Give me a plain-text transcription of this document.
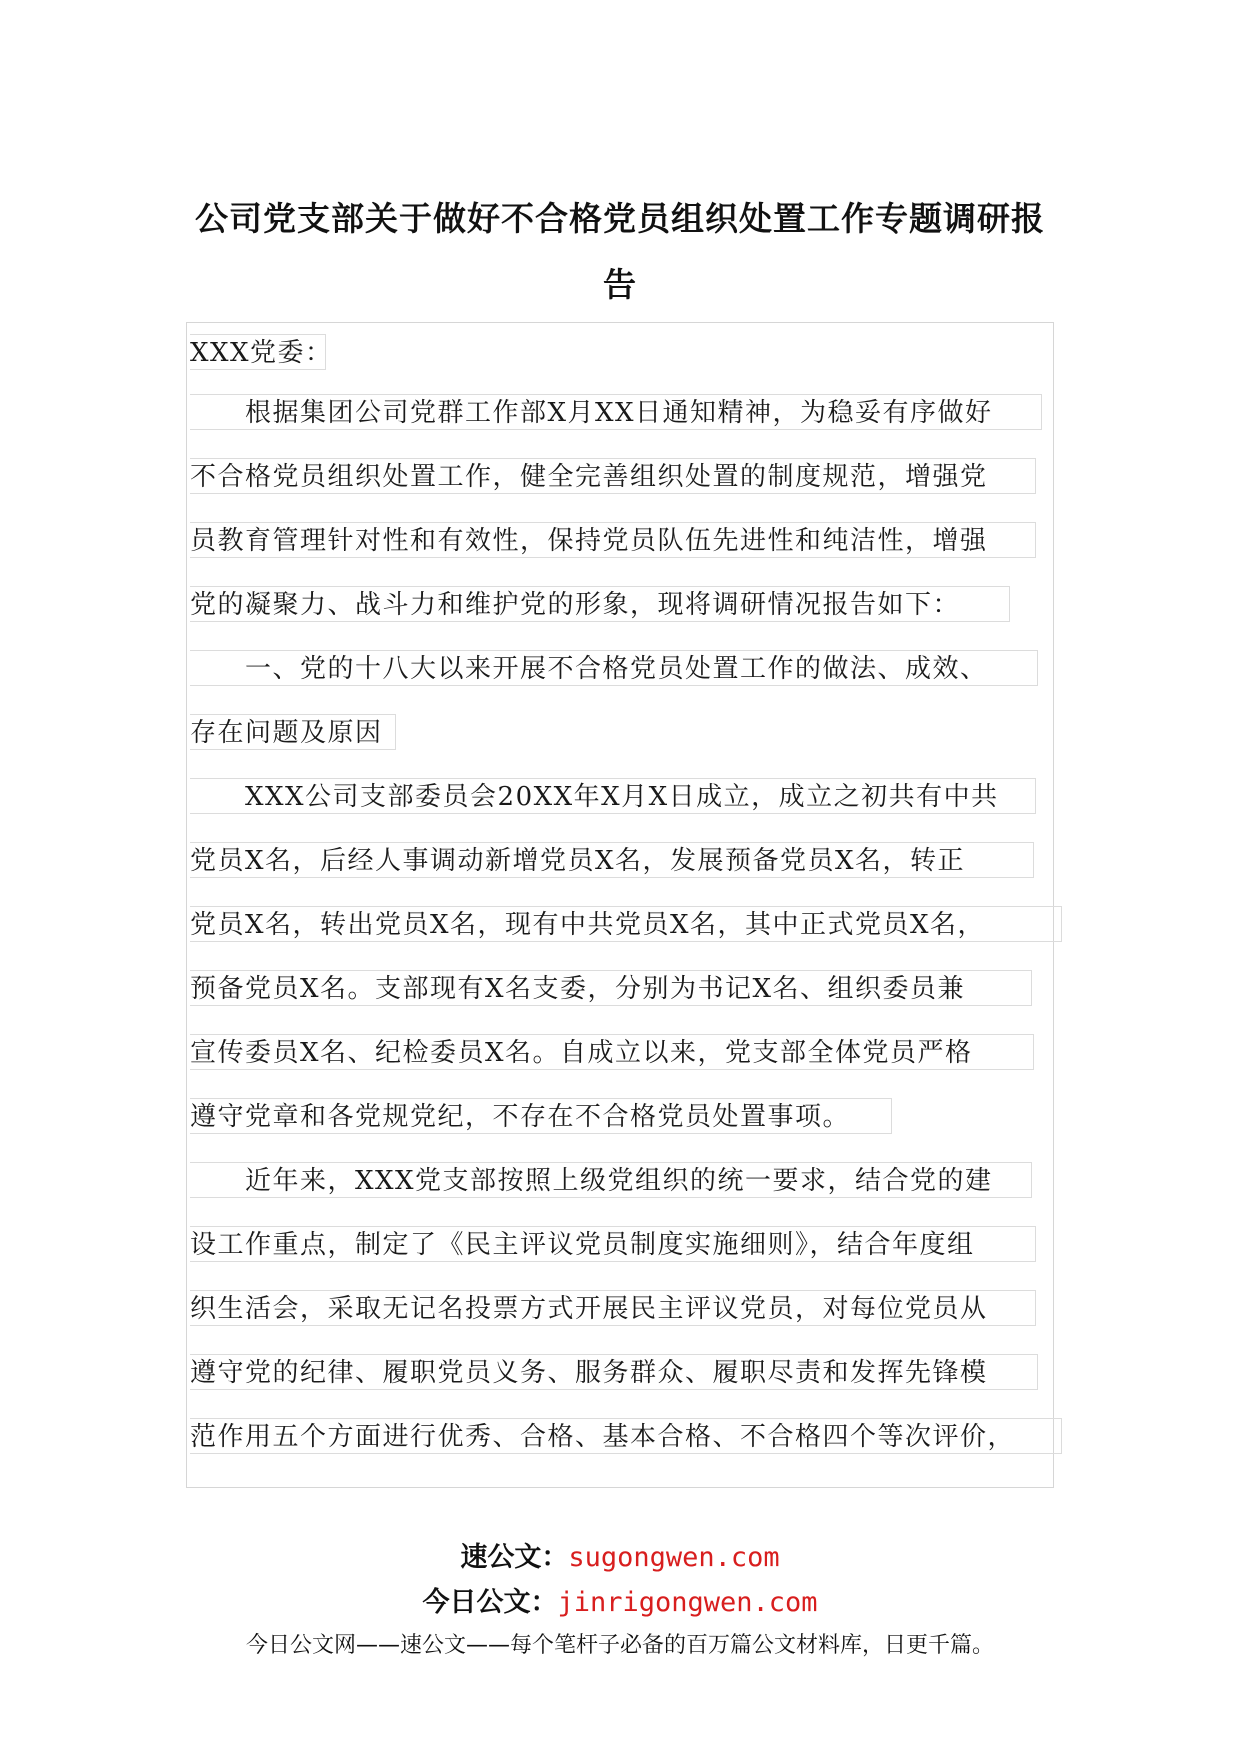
公司党支部关于做好不合格党员组织处置工作专题调研报
告
XXX党委：
　　根据集团公司党群工作部X月XX日通知精神，为稳妥有序做好
不合格党员组织处置工作，健全完善组织处置的制度规范，增强党
员教育管理针对性和有效性，保持党员队伍先进性和纯洁性，增强
党的凝聚力、战斗力和维护党的形象，现将调研情况报告如下：
　　一、党的十八大以来开展不合格党员处置工作的做法、成效、
存在问题及原因
　　XXX公司支部委员会20XX年X月X日成立，成立之初共有中共
党员X名，后经人事调动新增党员X名，发展预备党员X名，转正
党员X名，转出党员X名，现有中共党员X名，其中正式党员X名，
预备党员X名。支部现有X名支委，分别为书记X名、组织委员兼
宣传委员X名、纪检委员X名。自成立以来，党支部全体党员严格
遵守党章和各党规党纪，不存在不合格党员处置事项。
　　近年来，XXX党支部按照上级党组织的统一要求，结合党的建
设工作重点，制定了《民主评议党员制度实施细则》，结合年度组
织生活会，采取无记名投票方式开展民主评议党员，对每位党员从
遵守党的纪律、履职党员义务、服务群众、履职尽责和发挥先锋模
范作用五个方面进行优秀、合格、基本合格、不合格四个等次评价，
速公文：sugongwen.com
今日公文：jinrigongwen.com
今日公文网——速公文——每个笔杆子必备的百万篇公文材料库，日更千篇。
